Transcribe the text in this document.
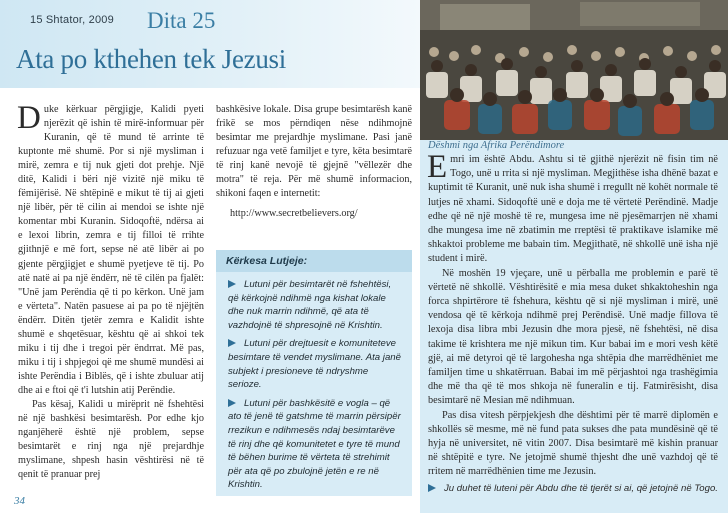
15 Shtator, 2009 Dita 25
Ata po kthehen tek Jezusi

Duke kërkuar përgjigje, Kalidi pyeti njerëzit që ishin të mirë-informuar për Kuranin, që të mund të arrinte të kuptonte më shumë. Por si një mysliman i mirë, zemra e tij nuk gjeti dot prehje. Një ditë, Kalidi i bëri një vizitë një miku të fëmijërisë. Në shtëpinë e mikut të tij ai gjeti një libër, për të cilin ai mendoi se ishte një komentar mbi Kuranin. Sidoqoftë, ndërsa ai e lexoi librin, zemra e tij filloi të rrihte gjithnjë e më fort, sepse në atë libër ai po gjente përgjigjet e shumë pyetjeve të tij. Po atë natë ai pa një ëndërr, në të cilën pa fjalët: "Unë jam Perëndia që ti po kërkon. Unë jam e vërteta". Natën pasuese ai pa po të njëjtën ëndërr. Ditën tjetër zemra e Kalidit ishte shumë e shqetësuar, kështu që ai shkoi tek miku i tij dhe i tregoi për ëndrrat. Më pas, miku i tij i shpjegoi që me shumë mundësi ai ishte Perëndia i Biblës, që i ishte zbuluar atij dhe ai e ftoi që t'i lutshin atij Perëndie.

Pas kësaj, Kalidi u mirëprit në fshehtësi në një bashkësi besimtarësh. Por edhe kjo nganjëherë është një problem, sepse besimtarët e rinj nga një prejardhje myslimane, shpesh hasin vështirësi në të qenit të pranuar prej

bashkësive lokale. Disa grupe besimtarësh kanë frikë se mos përndiqen nëse ndihmojnë besimtar me prejardhje myslimane. Pasi janë refuzuar nga vetë familjet e tyre, këta besimtarë të rinj kanë nevojë të gjejnë "vëllezër dhe motra" të reja. Për më shumë informacion, shikoni faqen e internetit:

http://www.secretbelievers.org/

Kërkesa Lutjeje:
Lutuni për besimtarët në fshehtësi, që kërkojnë ndihmë nga kishat lokale dhe nuk marrin ndihmë, që ata të vazhdojnë të shpresojnë në Krishtin.
Lutuni për drejtuesit e komuniteteve besimtare të vendet myslimane. Ata janë subjekt i presioneve të ndryshme serioze.
Lutuni për bashkësitë e vogla – që ato të jenë të gatshme të marrin përsipër rrezikun e ndihmesës ndaj besimtarëve të rinj dhe që komunitetet e tyre të mund të bëhen burime të vërteta të strehimit për ata që po zbulojnë jetën e re në Krishtin.
Dëshmi nga Afrika Perëndimore

Emri im është Abdu. Ashtu si të gjithë njerëzit në fisin tim në Togo, unë u rrita si një mysliman. Megjithëse isha dhënë bazat e kuptimit të Kuranit, unë nuk isha shumë i rregullt në kohët normale të lutjes në xhami. Sidoqoftë unë e doja me të vërtetë Perëndinë. Madje edhe që në një moshë të re, mungesa ime në pjesëmarrjen në xhami dhe mungesa ime në zbatimin me rreptësi të praktikave islamike më shkaktoi probleme me babain tim. Megjithatë, në shkollë unë isha një student i mirë.

Në moshën 19 vjeçare, unë u përballa me problemin e parë të vërtetë në shkollë. Vështirësitë e mia mesa duket shkaktoheshin nga forca shpirtërore të fshehura, kështu që si një mysliman i mirë, unë vendosa që të kërkoja ndihmë prej Perëndisë. Unë madje fillova të lexoja disa libra mbi Jezusin dhe mora pjesë, në fshehtësi, në disa takime të krishtera me një mikun tim. Kur babai im e mori vesh këtë gjë, ai më detyroi që të largohesha nga shtëpia dhe marrëdhëniet me familjen time u shkatërruan. Babai im më përjashtoi nga trashëgimia dhe më tha që të mos shkoja në funeralin e tij. Fatmirësisht, disa besimtarë në Mesian më ndihmuan.

Pas disa vitesh përpjekjesh dhe dështimi për të marrë diplomën e shkollës së mesme, më në fund pata sukses dhe pata mundësinë që të hyja në universitet, në vitin 2007. Disa besimtarë më kishin pranuar në shtëpitë e tyre. Ne jetojmë shumë thjesht dhe unë vazhdoj që të rritem në marrëdhënien time me Jezusin.

Ju duhet të luteni për Abdu dhe të tjerët si ai, që jetojnë në Togo.

34
